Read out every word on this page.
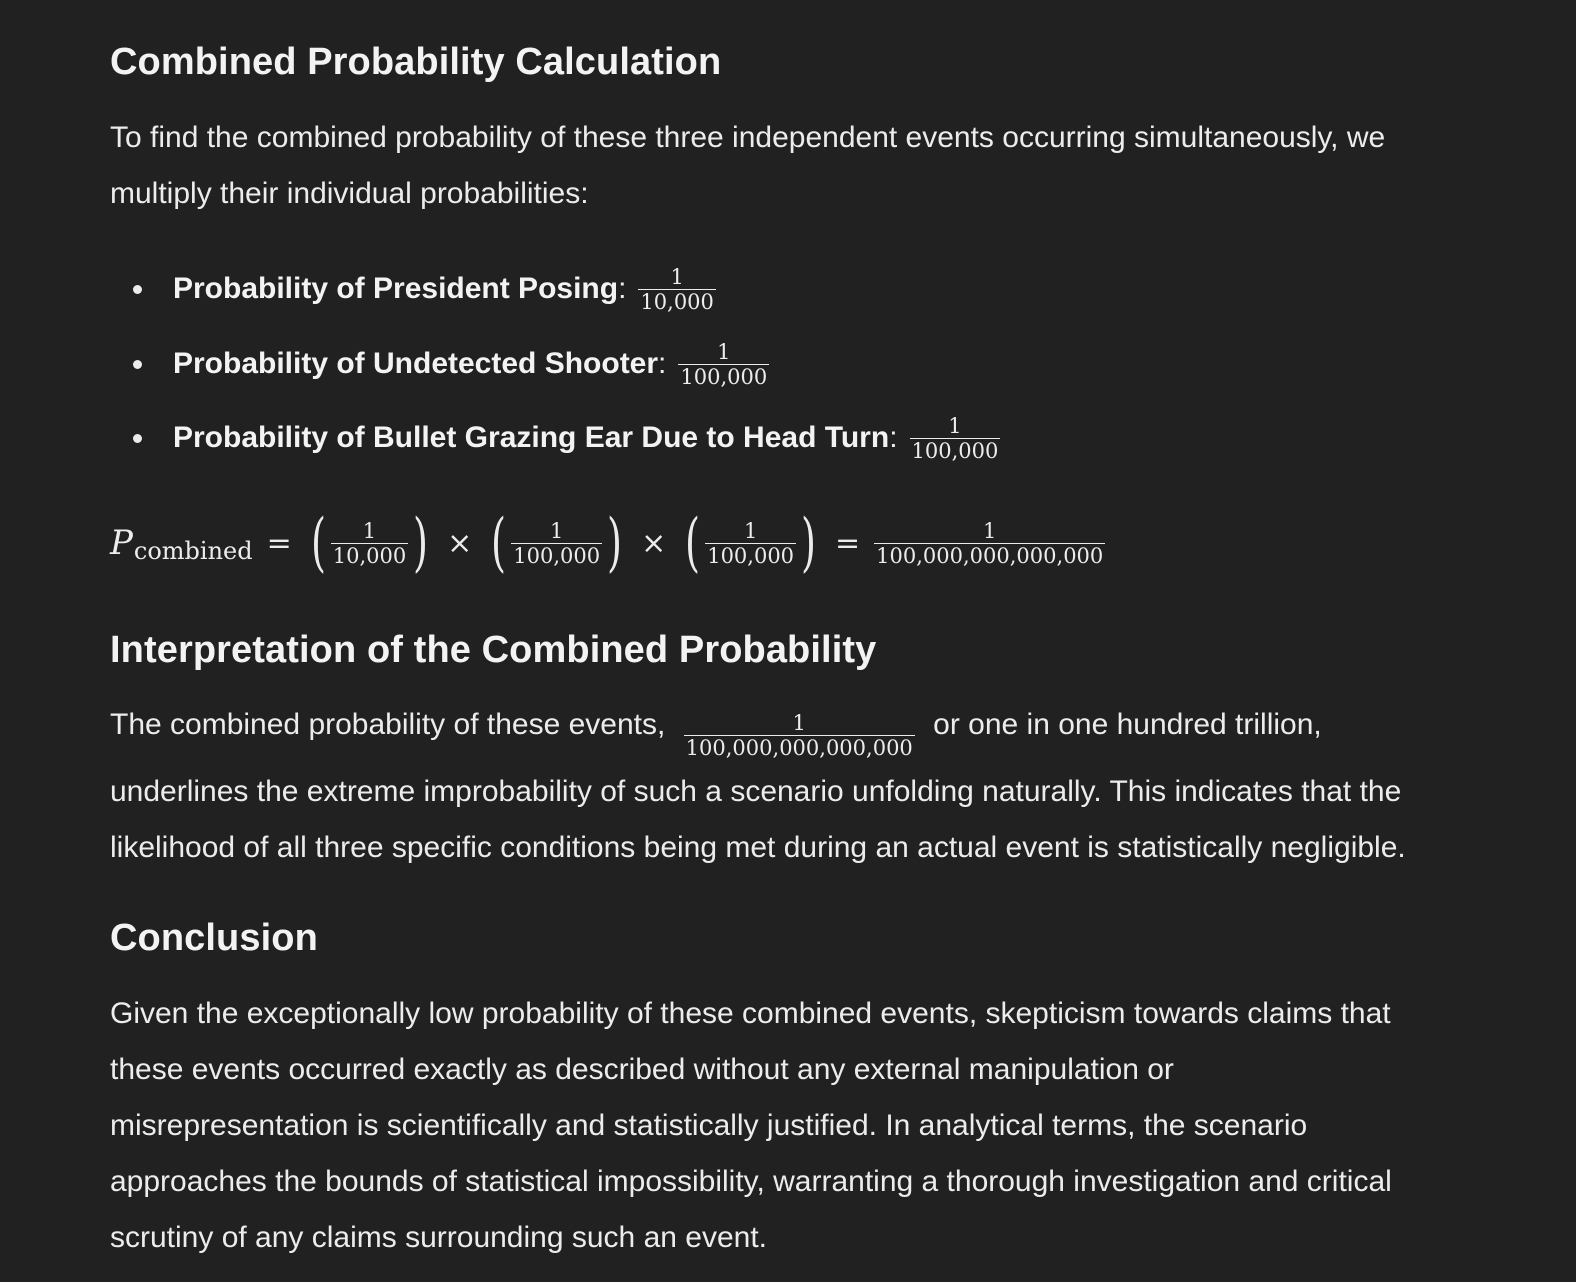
Combined Probability Calculation
To find the combined probability of these three independent events occurring simultaneously, we
multiply their individual probabilities:
Probability of President Posing : $\frac{1}{10,000}$
Probability of Undetected Shooter : $\frac{1}{100,000}$
Probability of Bullet Grazing Ear Due to Head Turn : $\frac{1}{100,000}$
P combined = ( $\frac{1}{10,000}$ ) × ( $\frac{1}{100,000}$ ) × ( $\frac{1}{100,000}$ ) = $\frac{1}{100,000,000,000,000}$
Interpretation of the Combined Probability
The combined probability of these events, $\frac{1}{100,000,000,000,000}$ or one in one hundred trillion,
underlines the extreme improbability of such a scenario unfolding naturally. This indicates that the
likelihood of all three specific conditions being met during an actual event is statistically negligible.
Conclusion
Given the exceptionally low probability of these combined events, skepticism towards claims that
these events occurred exactly as described without any external manipulation or
misrepresentation is scientifically and statistically justified. In analytical terms, the scenario
approaches the bounds of statistical impossibility, warranting a thorough investigation and critical
scrutiny of any claims surrounding such an event.
